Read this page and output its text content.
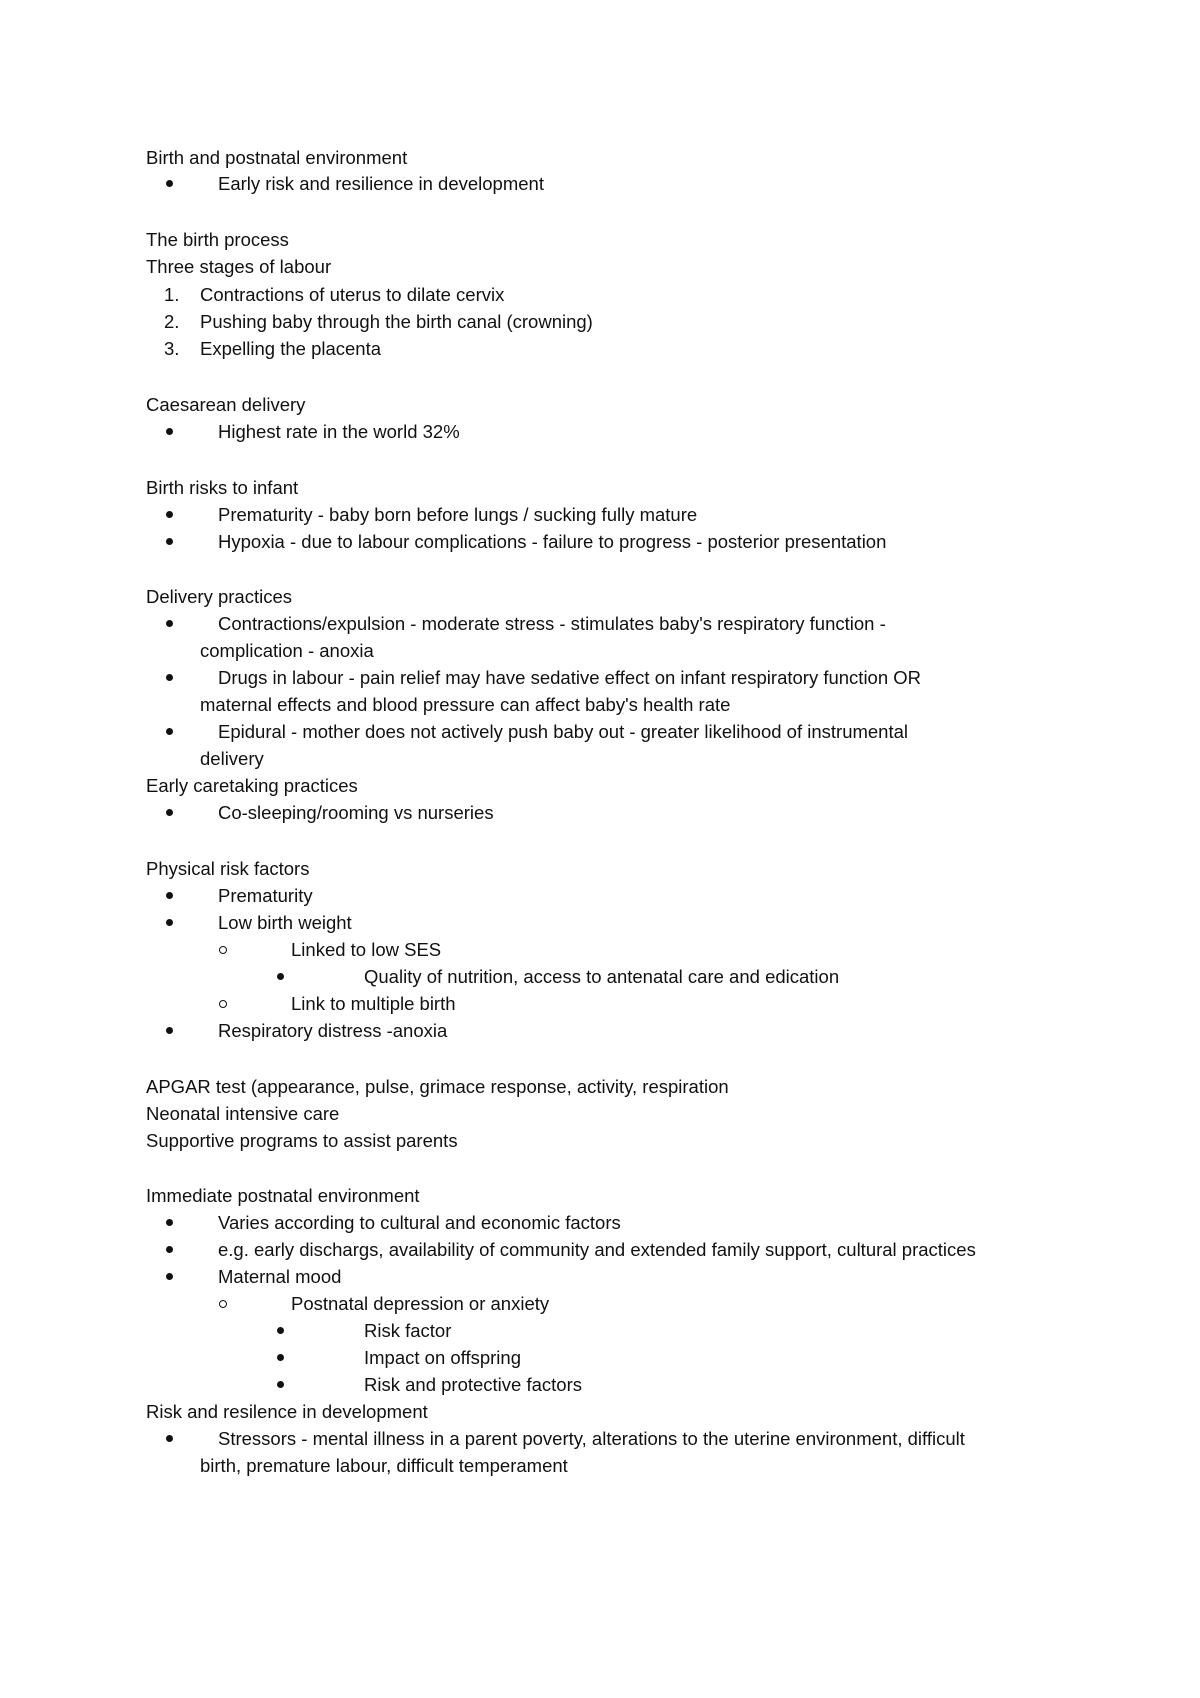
Birth and postnatal environment
Early risk and resilience in development
The birth process
Three stages of labour
1. Contractions of uterus to dilate cervix
2. Pushing baby through the birth canal (crowning)
3. Expelling the placenta
Caesarean delivery
Highest rate in the world 32%
Birth risks to infant
Prematurity - baby born before lungs / sucking fully mature
Hypoxia - due to labour complications - failure to progress - posterior presentation
Delivery practices
Contractions/expulsion - moderate stress - stimulates baby's respiratory function -
complication - anoxia
Drugs in labour - pain relief may have sedative effect on infant respiratory function OR
maternal effects and blood pressure can affect baby's health rate
Epidural - mother does not actively push baby out - greater likelihood of instrumental
delivery
Early caretaking practices
Co-sleeping/rooming vs nurseries
Physical risk factors
Prematurity
Low birth weight
Linked to low SES
Quality of nutrition, access to antenatal care and edication
Link to multiple birth
Respiratory distress -anoxia
APGAR test (appearance, pulse, grimace response, activity, respiration
Neonatal intensive care
Supportive programs to assist parents
Immediate postnatal environment
Varies according to cultural and economic factors
e.g. early dischargs, availability of community and extended family support, cultural practices
Maternal mood
Postnatal depression or anxiety
Risk factor
Impact on offspring
Risk and protective factors
Risk and resilence in development
Stressors - mental illness in a parent poverty, alterations to the uterine environment, difficult
birth, premature labour, difficult temperament
